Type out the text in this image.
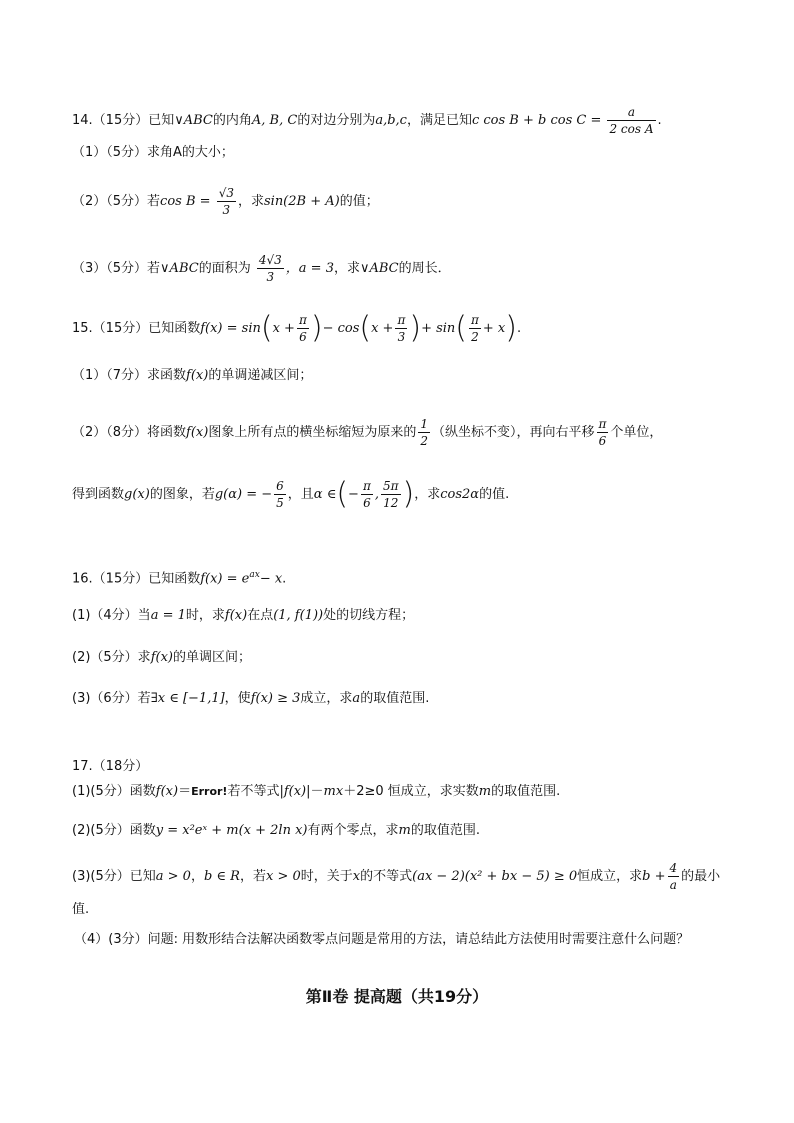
14.（15分）已知∨ABC的内角A, B, C的对边分别为a,b,c，满足已知c cos B + b $\cos C = \frac{a}{\text{2 cos A}}$ .
（1）（5分）求角A的大小；
（2）（5分）若$\cos B = \frac{√3}{3}$ ，求sin(2B + A)的值；
（3）（5分）若∨ABC的面积为 $\frac{4√3}{3}$ ，a = 3，求∨ABC的周长．
15.（15分）已知函数$f(x) = \sin(x + \frac{\pi}{6}$ )− $\cos(x + \frac{\pi}{3}$ )+ $\sin( \frac{\pi}{2} + x)$.
（1）（7分）求函数f(x)的单调递减区间；
（2）（8分）将函数f(x)图象上所有点的横坐标缩短为原来的 $\frac{1}{2}$ （纵坐标不变），再向右平移 $\frac{\pi}{6}$ 个单位，
得到函数g(x)的图象，若g(α) = − $\frac{6}{5}$ ，且α ∈(− $\frac{\pi}{6}$ , $\frac{5\pi}{12}$ )，求cos2α的值.
16.（15分）已知函数$f(x) = e^{ax}- x$.
(1)（4分）当a = 1时，求f(x)在点(1, f(1))处的切线方程；
(2)（5分）求f(x)的单调区间；
(3)（6分）若∃x ∈ [−1,1]，使f(x) ≥ 3成立，求a的取值范围.
17.（18分）
(1)(5分）函数f(x)＝Error!若不等式|f(x)|－mx＋2≥0 恒成立，求实数m的取值范围.
(2)(5分）函数y = x²eˣ + m(x + 2ln x)有两个零点，求m的取值范围.
(3)(5分）已知a > 0，b ∈ R，若x > 0时，关于x的不等式(ax − 2)(x² + bx − 5) ≥ 0恒成立，求$b + \frac{4}{a}$ 的最小
值.
（4）(3分）问题: 用数形结合法解决函数零点问题是常用的方法，请总结此方法使用时需要注意什么问题？
第Ⅱ卷 提高题（共19分）
